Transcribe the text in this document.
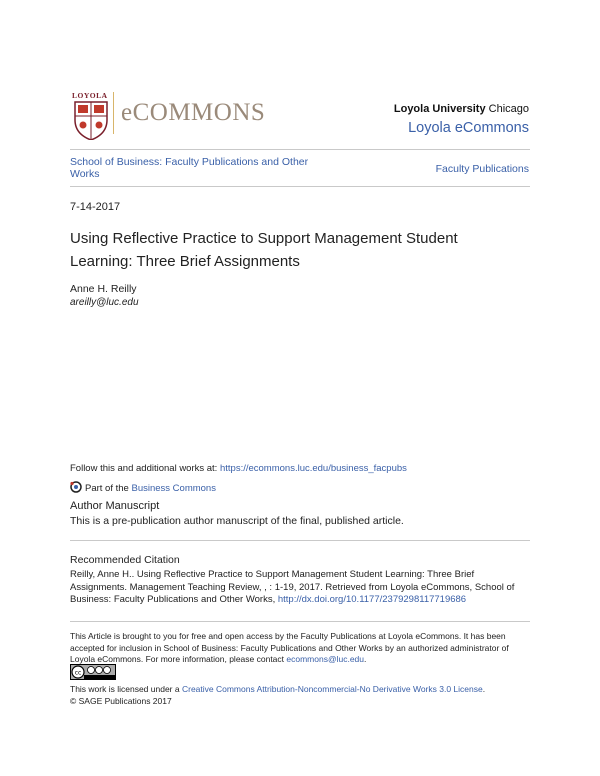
LOYOLA
eCOMMONS	Loyola University Chicago
Loyola eCommons
School of Business: Faculty Publications and Other Works	Faculty Publications
7-14-2017
Using Reflective Practice to Support Management Student Learning: Three Brief Assignments
Anne H. Reilly
areilly@luc.edu
Follow this and additional works at: https://ecommons.luc.edu/business_facpubs
Part of the Business Commons
Author Manuscript
This is a pre-publication author manuscript of the final, published article.
Recommended Citation
Reilly, Anne H.. Using Reflective Practice to Support Management Student Learning: Three Brief Assignments. Management Teaching Review, , : 1-19, 2017. Retrieved from Loyola eCommons, School of Business: Faculty Publications and Other Works, http://dx.doi.org/10.1177/2379298117719686
This Article is brought to you for free and open access by the Faculty Publications at Loyola eCommons. It has been accepted for inclusion in School of Business: Faculty Publications and Other Works by an authorized administrator of Loyola eCommons. For more information, please contact ecommons@luc.edu.
cc
This work is licensed under a Creative Commons Attribution-Noncommercial-No Derivative Works 3.0 License.
© SAGE Publications 2017
